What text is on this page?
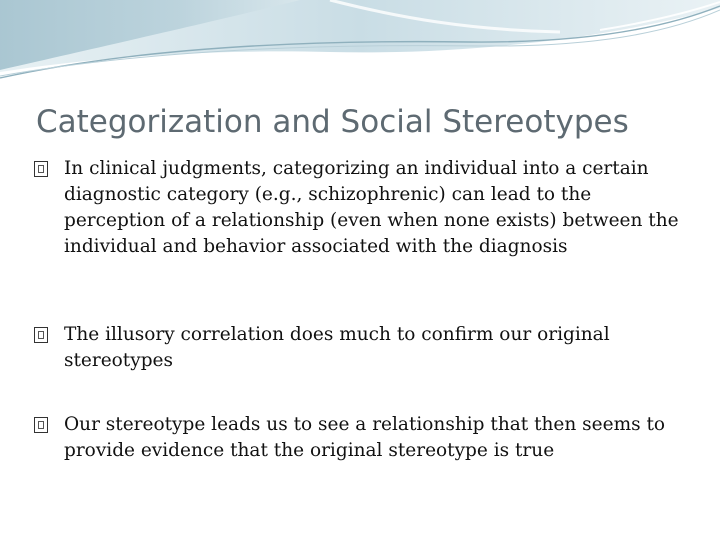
Categorization and Social Stereotypes
In clinical judgments, categorizing an individual into a certain diagnostic category (e.g., schizophrenic) can lead to the perception of a relationship (even when none exists) between the individual and behavior associated with the diagnosis
The illusory correlation does much to confirm our original stereotypes
Our stereotype leads us to see a relationship that then seems to provide evidence that the original stereotype is true
